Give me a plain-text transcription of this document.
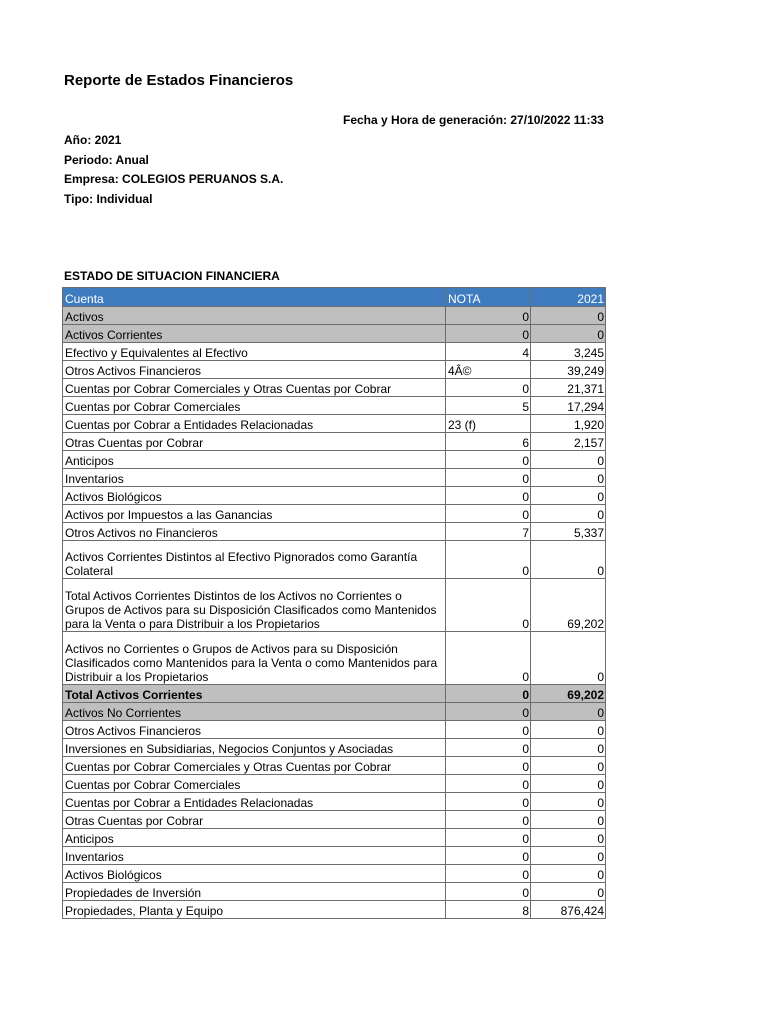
Reporte de Estados Financieros
Fecha y Hora de generación: 27/10/2022 11:33
Año: 2021
Periodo: Anual
Empresa: COLEGIOS PERUANOS S.A.
Tipo: Individual
ESTADO DE SITUACION FINANCIERA
Cuenta	NOTA	2021
Activos	0	0
Activos Corrientes	0	0
Efectivo y Equivalentes al Efectivo	4	3,245
Otros Activos Financieros	4Â©	39,249
Cuentas por Cobrar Comerciales y Otras Cuentas por Cobrar	0	21,371
Cuentas por Cobrar Comerciales	5	17,294
Cuentas por Cobrar a Entidades Relacionadas	23 (f)	1,920
Otras Cuentas por Cobrar	6	2,157
Anticipos	0	0
Inventarios	0	0
Activos Biológicos	0	0
Activos por Impuestos a las Ganancias	0	0
Otros Activos no Financieros	7	5,337
Activos Corrientes Distintos al Efectivo Pignorados como Garantía Colateral	0	0
Total Activos Corrientes Distintos de los Activos no Corrientes o Grupos de Activos para su Disposición Clasificados como Mantenidos para la Venta o para Distribuir a los Propietarios	0	69,202
Activos no Corrientes o Grupos de Activos para su Disposición Clasificados como Mantenidos para la Venta o como Mantenidos para Distribuir a los Propietarios	0	0
Total Activos Corrientes	0	69,202
Activos No Corrientes	0	0
Otros Activos Financieros	0	0
Inversiones en Subsidiarias, Negocios Conjuntos y Asociadas	0	0
Cuentas por Cobrar Comerciales y Otras Cuentas por Cobrar	0	0
Cuentas por Cobrar Comerciales	0	0
Cuentas por Cobrar a Entidades Relacionadas	0	0
Otras Cuentas por Cobrar	0	0
Anticipos	0	0
Inventarios	0	0
Activos Biológicos	0	0
Propiedades de Inversión	0	0
Propiedades, Planta y Equipo	8	876,424
